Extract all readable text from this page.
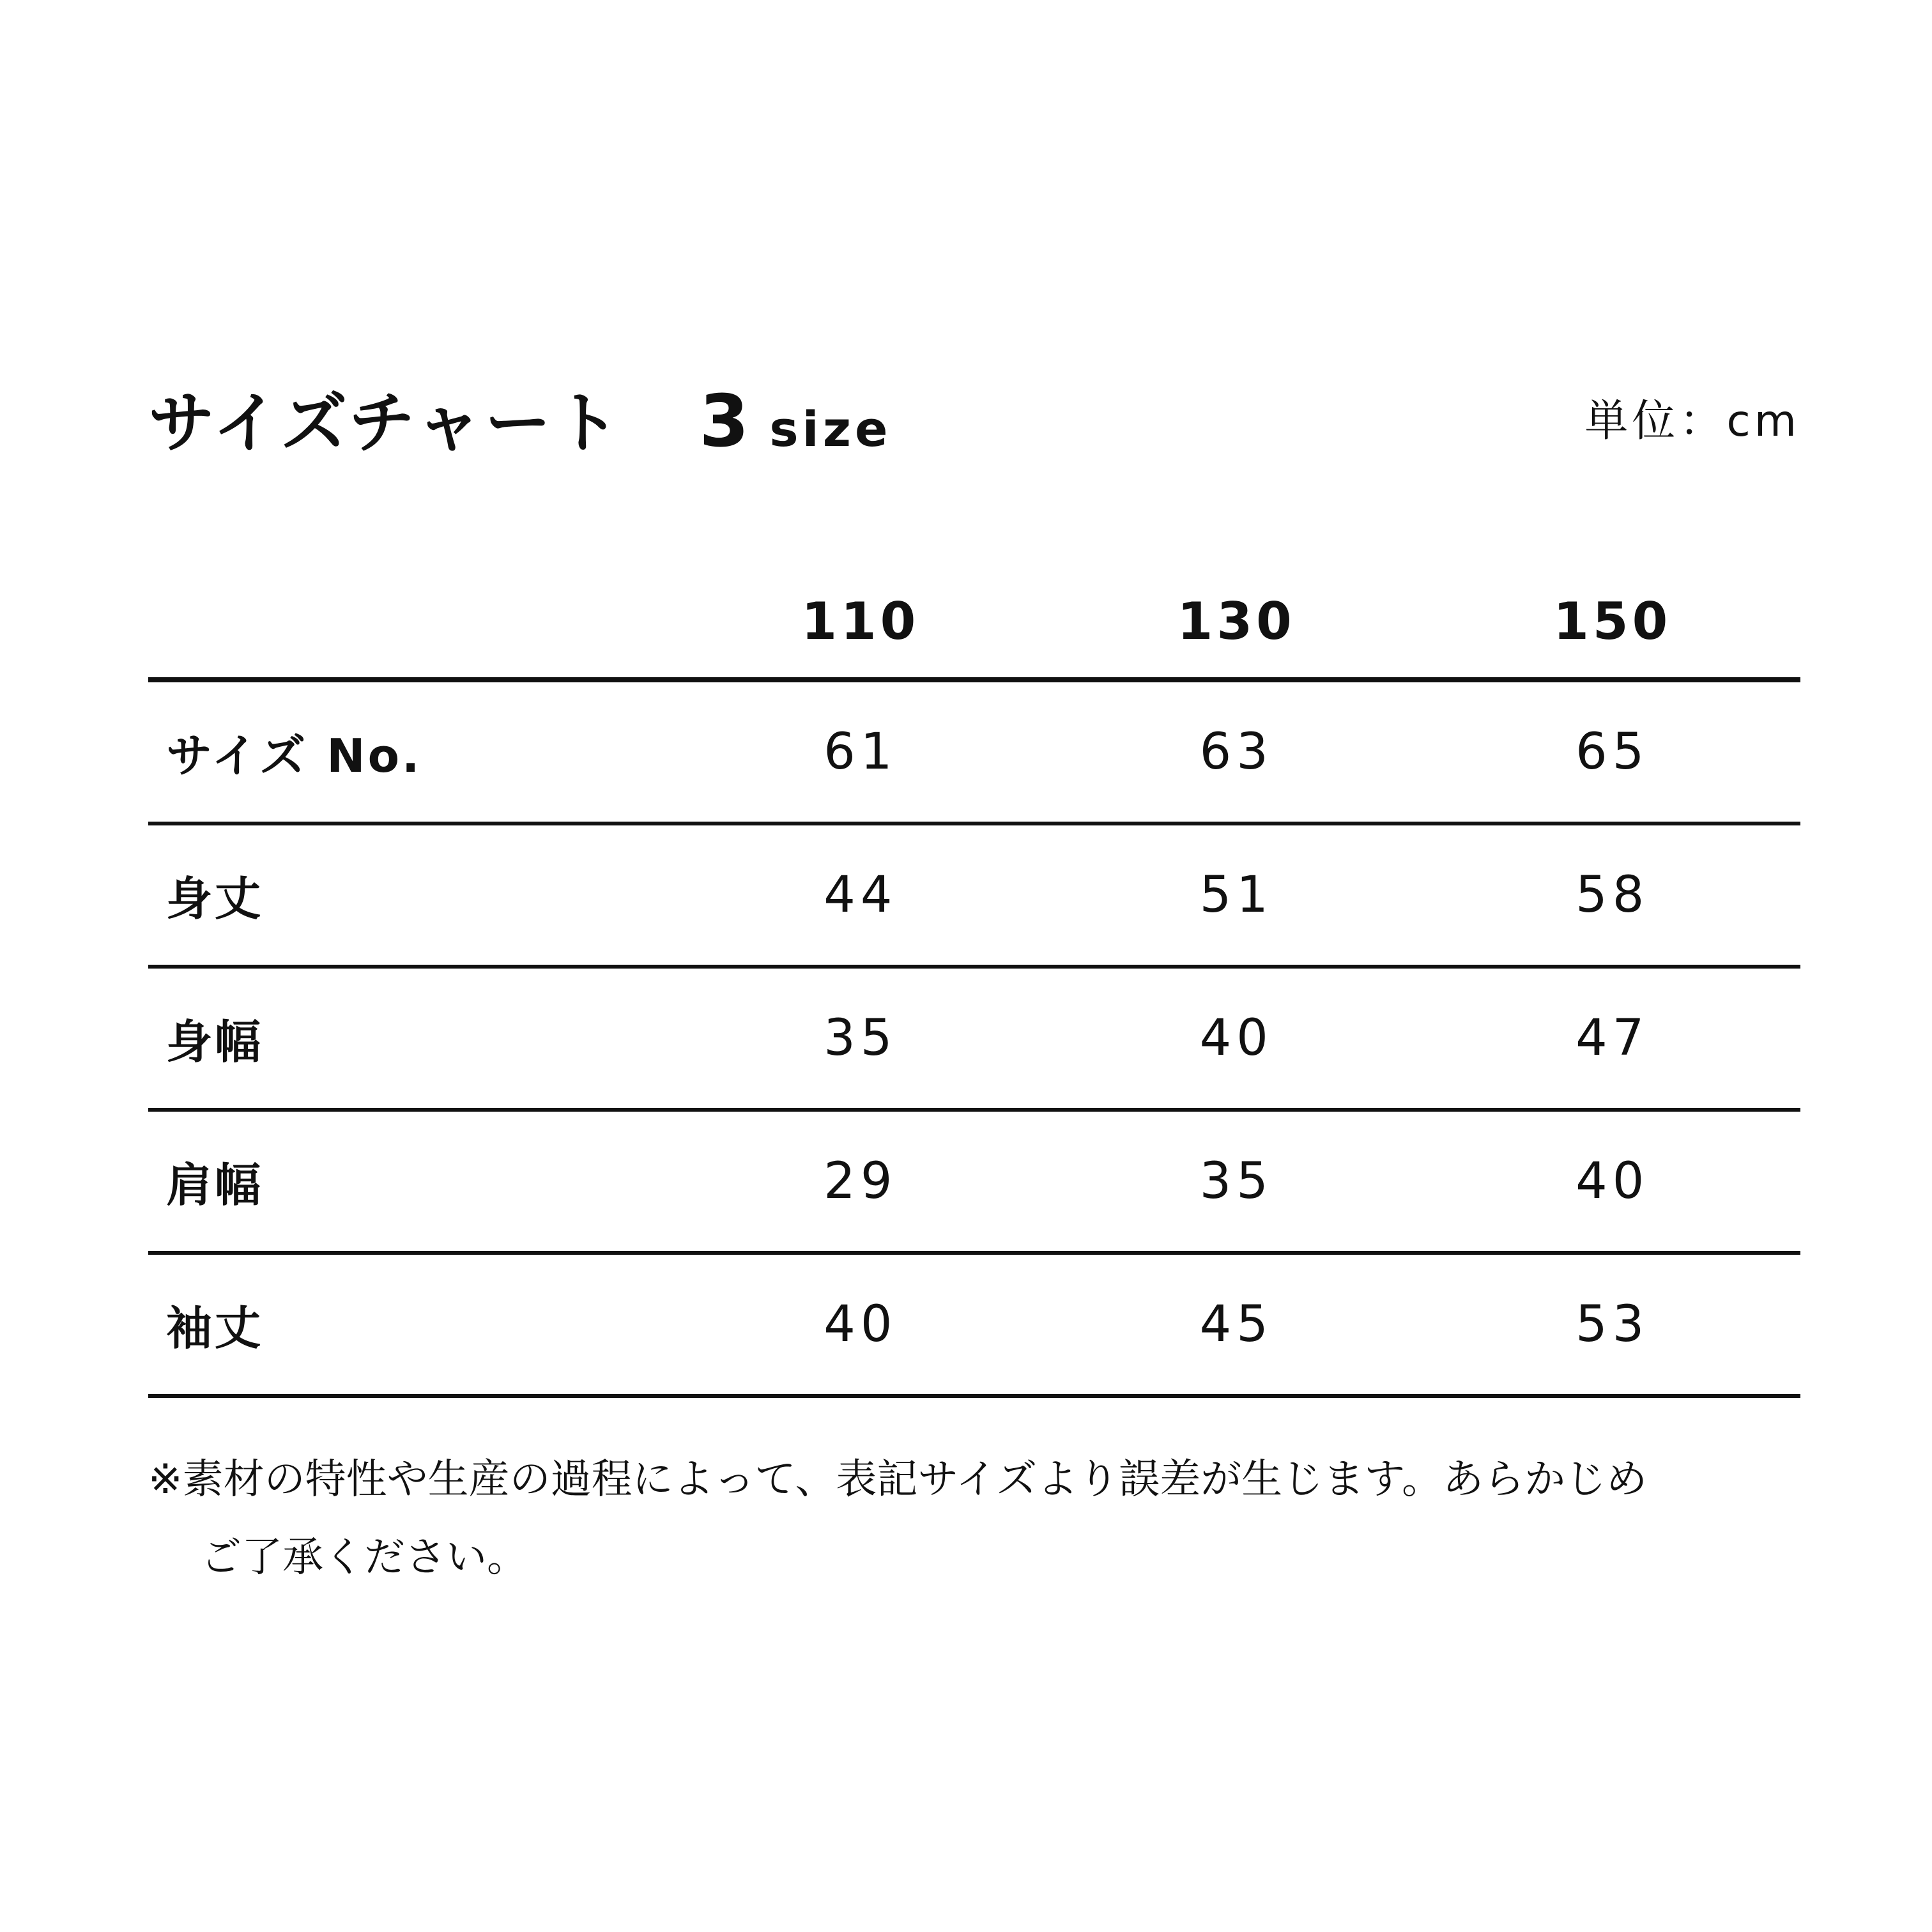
サイズチャート 3 size	単位：cm
	110	130	150
サイズ No.	61	63	65
身丈	44	51	58
身幅	35	40	47
肩幅	29	35	40
袖丈	40	45	53
※素材の特性や生産の過程によって、表記サイズより誤差が生じます。あらかじめ
ご了承ください。
